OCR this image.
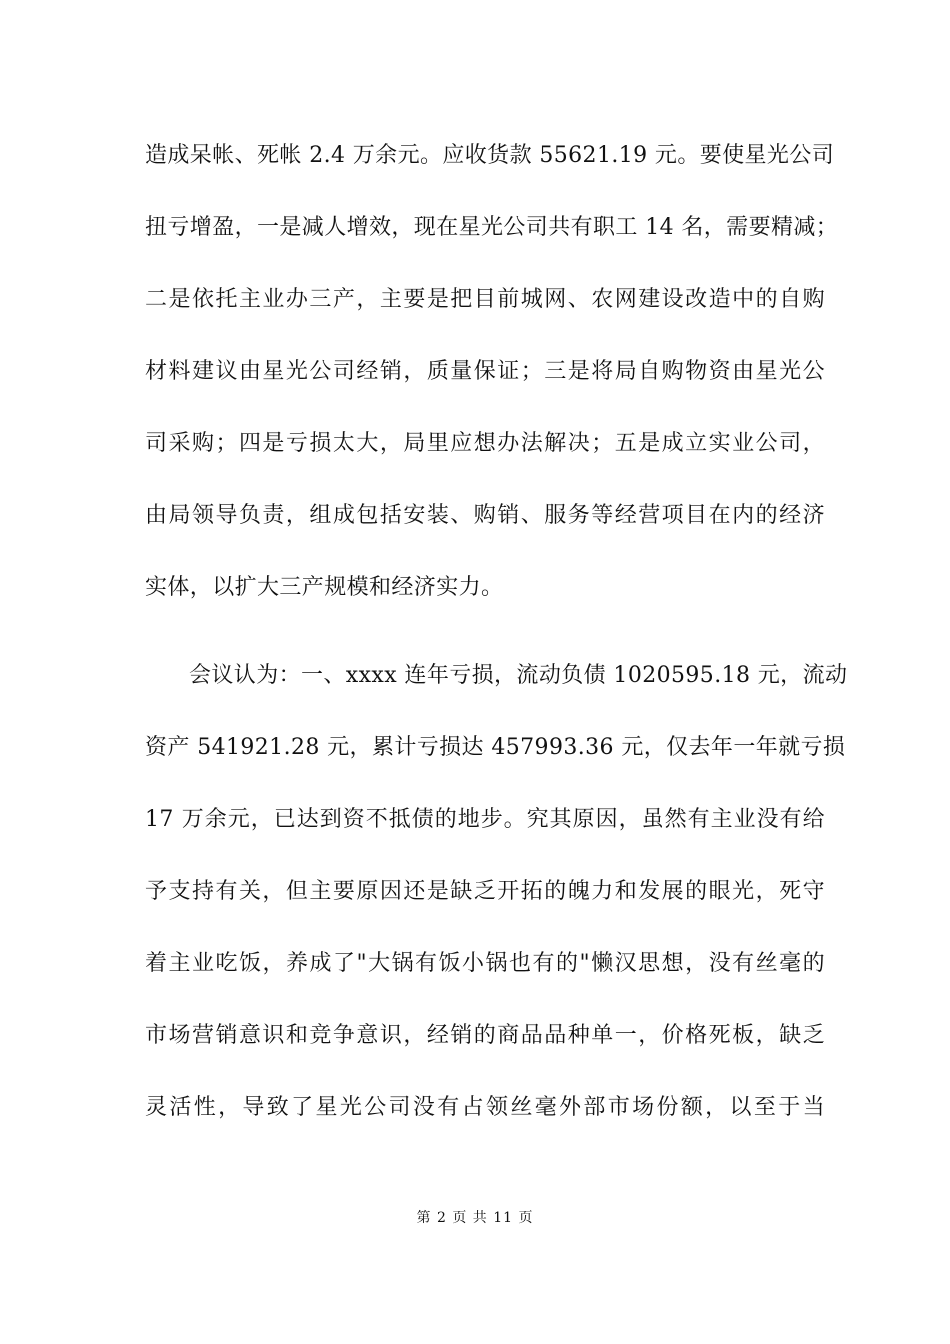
造成呆帐、死帐 2.4 万余元。应收货款 55621.19 元。要使星光公司
扭亏增盈，一是减人增效，现在星光公司共有职工 14 名，需要精减；
二是依托主业办三产，主要是把目前城网、农网建设改造中的自购
材料建议由星光公司经销，质量保证；三是将局自购物资由星光公
司采购；四是亏损太大，局里应想办法解决；五是成立实业公司，
由局领导负责，组成包括安装、购销、服务等经营项目在内的经济
实体，以扩大三产规模和经济实力。
会议认为：一、xxxx 连年亏损，流动负债 1020595.18 元，流动
资产 541921.28 元，累计亏损达 457993.36 元，仅去年一年就亏损
17 万余元，已达到资不抵债的地步。究其原因，虽然有主业没有给
予支持有关，但主要原因还是缺乏开拓的魄力和发展的眼光，死守
着主业吃饭，养成了"大锅有饭小锅也有的"懒汉思想，没有丝毫的
市场营销意识和竞争意识，经销的商品品种单一，价格死板，缺乏
灵活性，导致了星光公司没有占领丝毫外部市场份额，以至于当
第 2 页 共 11 页
